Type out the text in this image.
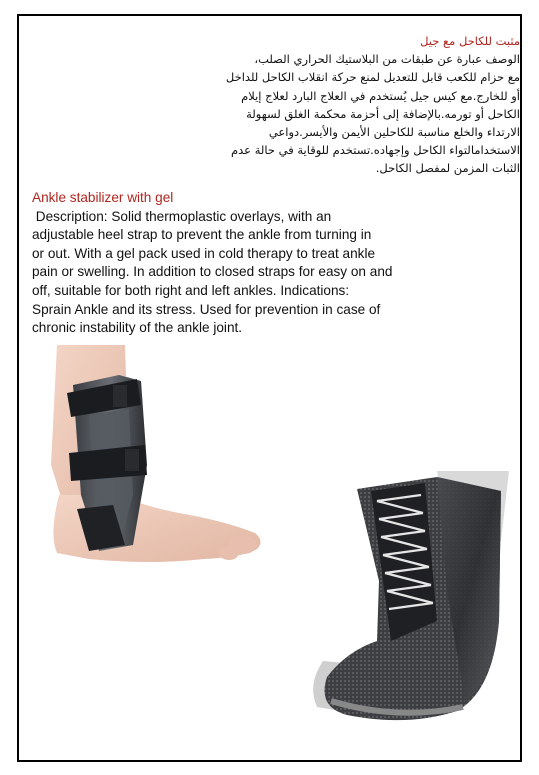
مثبت للكاحل مع جيل
الوصف عبارة عن طبقات من البلاستيك الحراري الصلب،
مع حزام للكعب قابل للتعديل لمنع حركة انقلاب الكاحل للداخل
أو للخارج.مع كيس جيل يُستخدم في العلاج البارد لعلاج إيلام
الكاحل أو تورمه.بالإضافة إلى أحزمة محكمة الغلق لسهولة
الارتداء والخلع مناسبة للكاحلين الأيمن والأيسر.دواعي
الاستخدامالتواء الكاحل وإجهاده.تستخدم للوقاية في حالة عدم
الثبات المزمن لمفصل الكاحل.
Ankle stabilizer with gel
Description: Solid thermoplastic overlays, with an
adjustable heel strap to prevent the ankle from turning in
or out. With a gel pack used in cold therapy to treat ankle
pain or swelling. In addition to closed straps for easy on and
off, suitable for both right and left ankles. Indications:
Sprain Ankle and its stress. Used for prevention in case of
chronic instability of the ankle joint.
